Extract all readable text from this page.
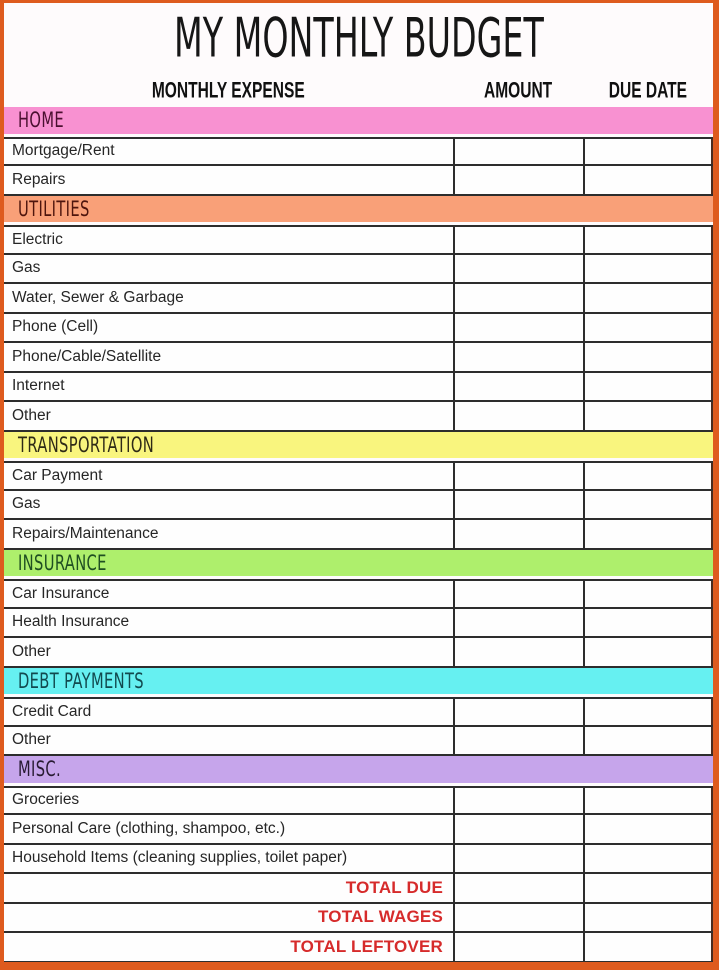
MY MONTHLY BUDGET
MONTHLY EXPENSE	AMOUNT	DUE DATE
HOME
Mortgage/Rent
Repairs
UTILITIES
Electric
Gas
Water, Sewer & Garbage
Phone (Cell)
Phone/Cable/Satellite
Internet
Other
TRANSPORTATION
Car Payment
Gas
Repairs/Maintenance
INSURANCE
Car Insurance
Health Insurance
Other
DEBT PAYMENTS
Credit Card
Other
MISC.
Groceries
Personal Care (clothing, shampoo, etc.)
Household Items (cleaning supplies, toilet paper)
TOTAL DUE
TOTAL WAGES
TOTAL LEFTOVER
